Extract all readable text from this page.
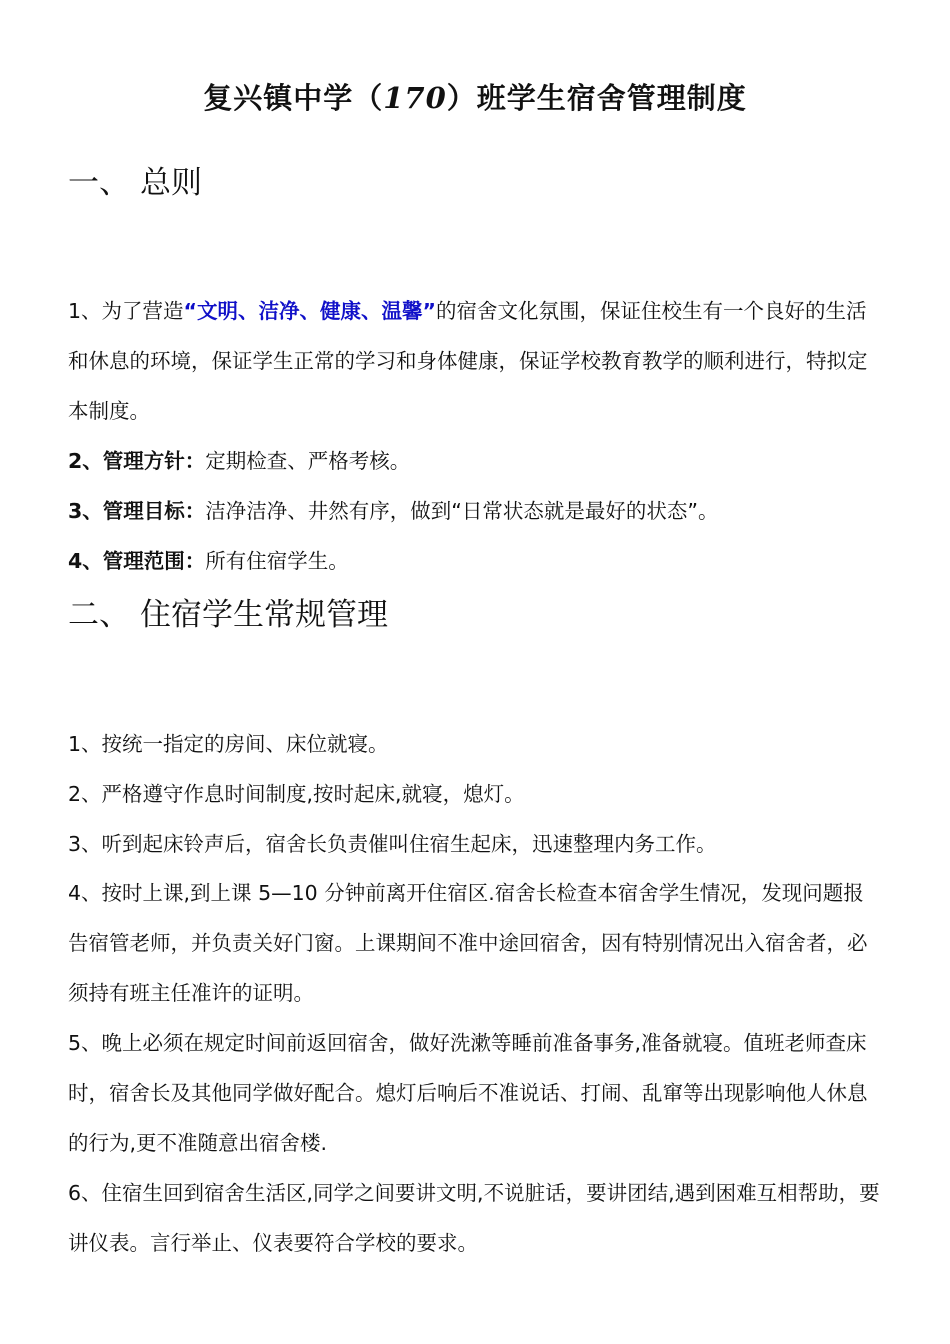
复兴镇中学（170）班学生宿舍管理制度
一、 总则
1、为了营造“文明、洁净、健康、温馨”的宿舍文化氛围，保证住校生有一个良好的生活和休息的环境，保证学生正常的学习和身体健康，保证学校教育教学的顺利进行，特拟定本制度。
2、管理方针：定期检查、严格考核。
3、管理目标：洁净洁净、井然有序，做到“日常状态就是最好的状态”。
4、管理范围：所有住宿学生。
二、 住宿学生常规管理
1、按统一指定的房间、床位就寝。
2、严格遵守作息时间制度,按时起床,就寝，熄灯。
3、听到起床铃声后，宿舍长负责催叫住宿生起床，迅速整理内务工作。
4、按时上课,到上课 5—10 分钟前离开住宿区.宿舍长检查本宿舍学生情况，发现问题报告宿管老师，并负责关好门窗。上课期间不准中途回宿舍，因有特别情况出入宿舍者，必须持有班主任准许的证明。
5、晚上必须在规定时间前返回宿舍，做好洗漱等睡前准备事务,准备就寝。值班老师查床时，宿舍长及其他同学做好配合。熄灯后响后不准说话、打闹、乱窜等出现影响他人休息的行为,更不准随意出宿舍楼.
6、住宿生回到宿舍生活区,同学之间要讲文明,不说脏话，要讲团结,遇到困难互相帮助，要讲仪表。言行举止、仪表要符合学校的要求。
